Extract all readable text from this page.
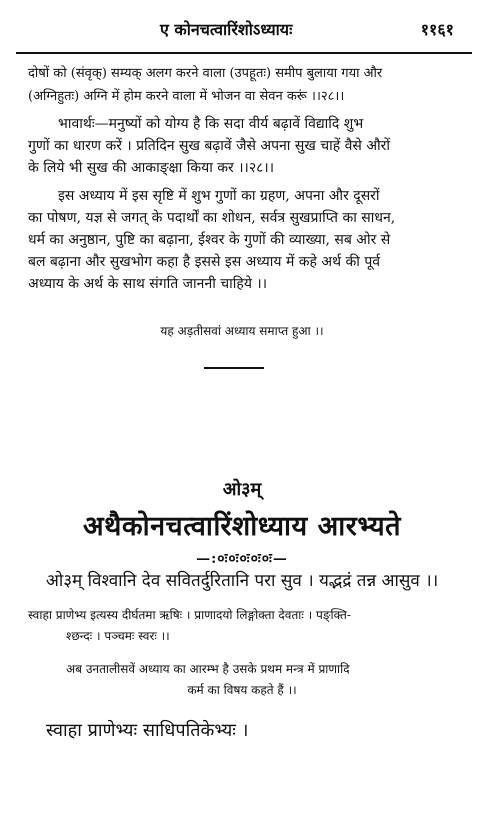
ए कोनचत्वारिंशोऽध्यायः	११६१
दोषों को (संवृक्) सम्यक् अलग करने वाला (उपहूतः) समीप बुलाया गया और
(अग्निहुतः) अग्नि में होम करने वाला में भोजन वा सेवन करूं ।।२८।।
भावार्थः—मनुष्यों को योग्य है कि सदा वीर्य बढ़ावें विद्यादि शुभ
गुणों का धारण करें । प्रतिदिन सुख बढ़ावें जैसे अपना सुख चाहें वैसे औरों
के लिये भी सुख की आकाङ्क्षा किया कर ।।२८।।
इस अध्याय में इस सृष्टि में शुभ गुणों का ग्रहण, अपना और दूसरों
का पोषण, यज्ञ से जगत् के पदार्थों का शोधन, सर्वत्र सुखप्राप्ति का साधन,
धर्म का अनुष्ठान, पुष्टि का बढ़ाना, ईश्वर के गुणों की व्याख्या, सब ओर से
बल बढ़ाना और सुखभोग कहा है इससे इस अध्याय में कहे अर्थ की पूर्व
अध्याय के अर्थ के साथ संगति जाननी चाहिये ।।
यह अड़तीसवां अध्याय समाप्त हुआ ।।
ओ३म्
अथैकोनचत्वारिंशोध्याय आरभ्यते
—:०ः०ः०ः०ः०ः—
ओ३म् विश्वानि देव सवितर्दुरितानि परा सुव । यद्भद्रं तन्न आसुव ।।
स्वाहा प्राणेभ्य इत्यस्य दीर्घतमा ऋषिः । प्राणादयो लिङ्गोक्ता देवताः । पङ्क्ति-
श्छन्दः । पञ्चमः स्वरः ।।
अब उनतालीसवें अध्याय का आरम्भ है उसके प्रथम मन्त्र में प्राणादि
कर्म का विषय कहते हैं ।।
स्वाहा प्राणेभ्यः साधिपतिकेभ्यः ।
